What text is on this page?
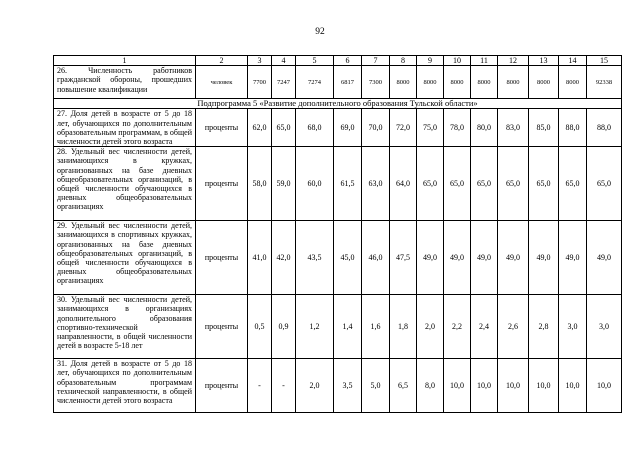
92
1	2	3	4	5	6	7	8	9	10	11	12	13	14	15
26. Численность работников гражданской обороны, прошедших повышение квалификации	человек	7700	7247	7274	6817	7300	8000	8000	8000	8000	8000	8000	8000	92338
Подпрограмма 5 «Развитие дополнительного образования Тульской области»														
27. Доля детей в возрасте от 5 до 18 лет, обучающихся по дополнительным образовательным программам, в общей численности детей этого возраста	проценты	62,0	65,0	68,0	69,0	70,0	72,0	75,0	78,0	80,0	83,0	85,0	88,0	88,0
28. Удельный вес численности детей, занимающихся в кружках, организованных на базе дневных общеобразовательных организаций, в общей численности обучающихся в дневных общеобразовательных организациях	проценты	58,0	59,0	60,0	61,5	63,0	64,0	65,0	65,0	65,0	65,0	65,0	65,0	65,0
29. Удельный вес численности детей, занимающихся в спортивных кружках, организованных на базе дневных общеобразовательных организаций, в общей численности обучающихся в дневных общеобразовательных организациях	проценты	41,0	42,0	43,5	45,0	46,0	47,5	49,0	49,0	49,0	49,0	49,0	49,0	49,0
30. Удельный вес численности детей, занимающихся в организациях дополнительного образования спортивно-технической направленности, в общей численности детей в возрасте 5-18 лет	проценты	0,5	0,9	1,2	1,4	1,6	1,8	2,0	2,2	2,4	2,6	2,8	3,0	3,0
31. Доля детей в возрасте от 5 до 18 лет, обучающихся по дополнительным образовательным программам технической направленности, в общей численности детей этого возраста	проценты	-	-	2,0	3,5	5,0	6,5	8,0	10,0	10,0	10,0	10,0	10,0	10,0
